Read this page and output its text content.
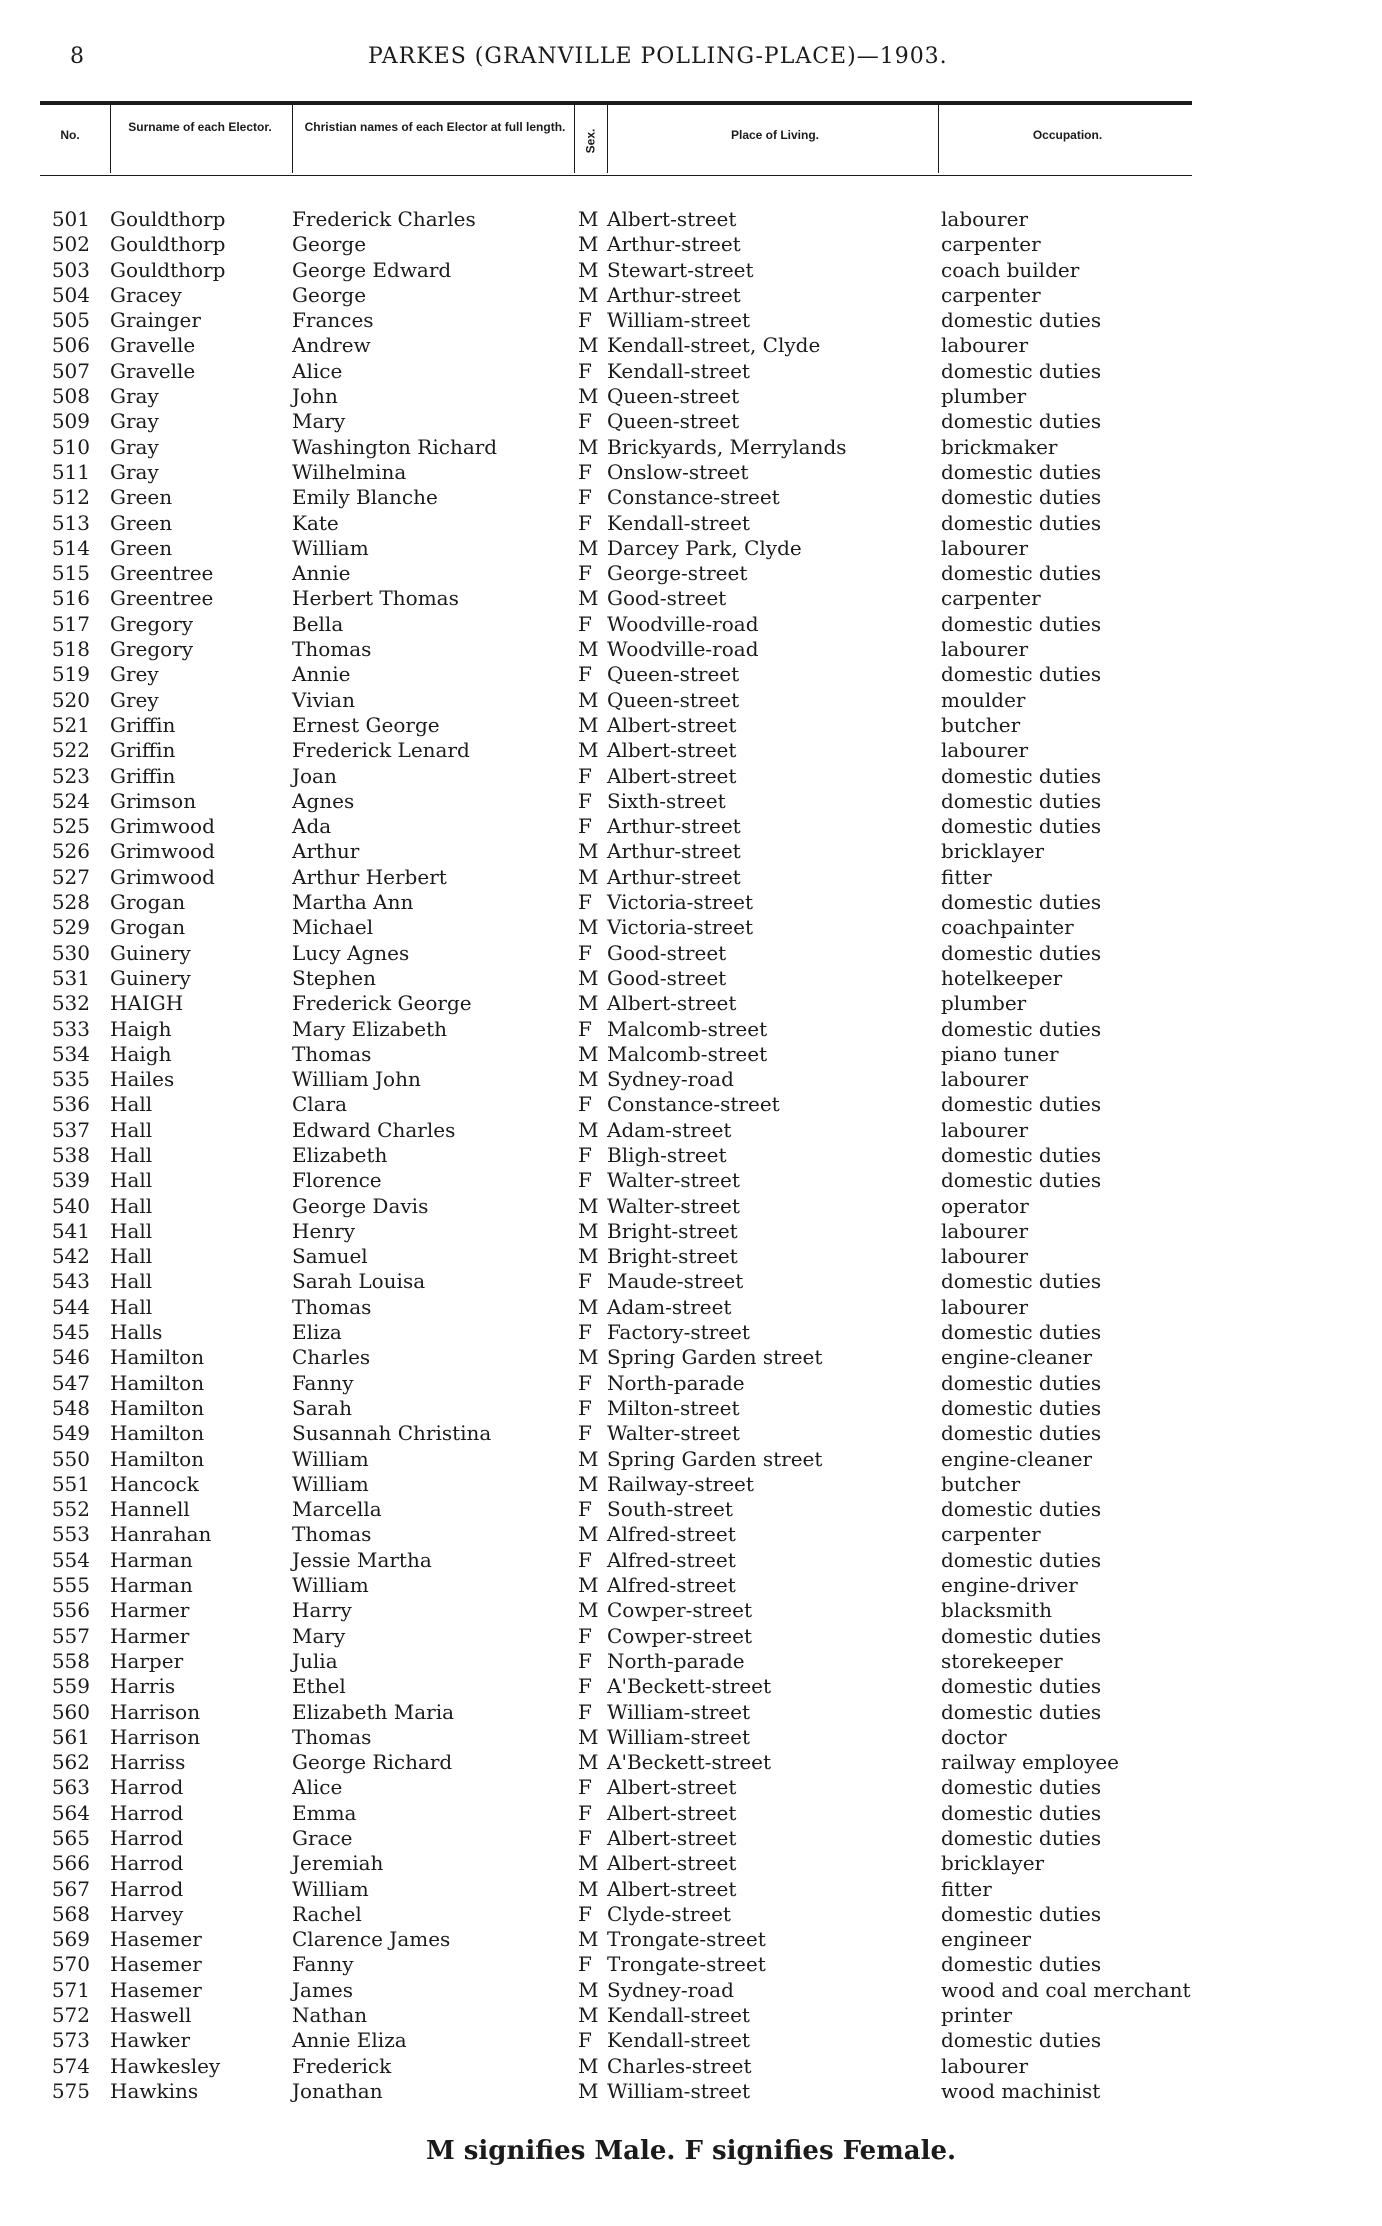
8	PARKES (GRANVILLE POLLING-PLACE)—1903.
No.
Surname of each Elector.	Christian names of each Elector at full length.
Sex.	Place of Living.	Occupation.
501 Gouldthorp	Frederick Charles	M Albert-street	labourer
502 Gouldthorp	George	M Arthur-street	carpenter
503 Gouldthorp	George Edward	M Stewart-street	coach builder
504 Gracey	George	M Arthur-street	carpenter
505 Grainger	Frances	F William-street	domestic duties
506 Gravelle	Andrew	M Kendall-street, Clyde	labourer
507 Gravelle	Alice	F Kendall-street	domestic duties
508 Gray	John	M Queen-street	plumber
509 Gray	Mary	F Queen-street	domestic duties
510 Gray	Washington Richard	M Brickyards, Merrylands	brickmaker
511 Gray	Wilhelmina	F Onslow-street	domestic duties
512 Green	Emily Blanche	F Constance-street	domestic duties
513 Green	Kate	F Kendall-street	domestic duties
514 Green	William	M Darcey Park, Clyde	labourer
515 Greentree	Annie	F George-street	domestic duties
516 Greentree	Herbert Thomas	M Good-street	carpenter
517 Gregory	Bella	F Woodville-road	domestic duties
518 Gregory	Thomas	M Woodville-road	labourer
519 Grey	Annie	F Queen-street	domestic duties
520 Grey	Vivian	M Queen-street	moulder
521 Griffin	Ernest George	M Albert-street	butcher
522 Griffin	Frederick Lenard	M Albert-street	labourer
523 Griffin	Joan	F Albert-street	domestic duties
524 Grimson	Agnes	F Sixth-street	domestic duties
525 Grimwood	Ada	F Arthur-street	domestic duties
526 Grimwood	Arthur	M Arthur-street	bricklayer
527 Grimwood	Arthur Herbert	M Arthur-street	fitter
528 Grogan	Martha Ann	F Victoria-street	domestic duties
529 Grogan	Michael	M Victoria-street	coachpainter
530 Guinery	Lucy Agnes	F Good-street	domestic duties
531 Guinery	Stephen	M Good-street	hotelkeeper
532 HAIGH	Frederick George	M Albert-street	plumber
533 Haigh	Mary Elizabeth	F Malcomb-street	domestic duties
534 Haigh	Thomas	M Malcomb-street	piano tuner
535 Hailes	William John	M Sydney-road	labourer
536 Hall	Clara	F Constance-street	domestic duties
537 Hall	Edward Charles	M Adam-street	labourer
538 Hall	Elizabeth	F Bligh-street	domestic duties
539 Hall	Florence	F Walter-street	domestic duties
540 Hall	George Davis	M Walter-street	operator
541 Hall	Henry	M Bright-street	labourer
542 Hall	Samuel	M Bright-street	labourer
543 Hall	Sarah Louisa	F Maude-street	domestic duties
544 Hall	Thomas	M Adam-street	labourer
545 Halls	Eliza	F Factory-street	domestic duties
546 Hamilton	Charles	M Spring Garden street	engine-cleaner
547 Hamilton	Fanny	F North-parade	domestic duties
548 Hamilton	Sarah	F Milton-street	domestic duties
549 Hamilton	Susannah Christina	F Walter-street	domestic duties
550 Hamilton	William	M Spring Garden street	engine-cleaner
551 Hancock	William	M Railway-street	butcher
552 Hannell	Marcella	F South-street	domestic duties
553 Hanrahan	Thomas	M Alfred-street	carpenter
554 Harman	Jessie Martha	F Alfred-street	domestic duties
555 Harman	William	M Alfred-street	engine-driver
556 Harmer	Harry	M Cowper-street	blacksmith
557 Harmer	Mary	F Cowper-street	domestic duties
558 Harper	Julia	F North-parade	storekeeper
559 Harris	Ethel	F A'Beckett-street	domestic duties
560 Harrison	Elizabeth Maria	F William-street	domestic duties
561 Harrison	Thomas	M William-street	doctor
562 Harriss	George Richard	M A'Beckett-street	railway employee
563 Harrod	Alice	F Albert-street	domestic duties
564 Harrod	Emma	F Albert-street	domestic duties
565 Harrod	Grace	F Albert-street	domestic duties
566 Harrod	Jeremiah	M Albert-street	bricklayer
567 Harrod	William	M Albert-street	fitter
568 Harvey	Rachel	F Clyde-street	domestic duties
569 Hasemer	Clarence James	M Trongate-street	engineer
570 Hasemer	Fanny	F Trongate-street	domestic duties
571 Hasemer	James	M Sydney-road	wood and coal merchant
572 Haswell	Nathan	M Kendall-street	printer
573 Hawker	Annie Eliza	F Kendall-street	domestic duties
574 Hawkesley	Frederick	M Charles-street	labourer
575 Hawkins	Jonathan	M William-street	wood machinist
M signifies Male. F signifies Female.
